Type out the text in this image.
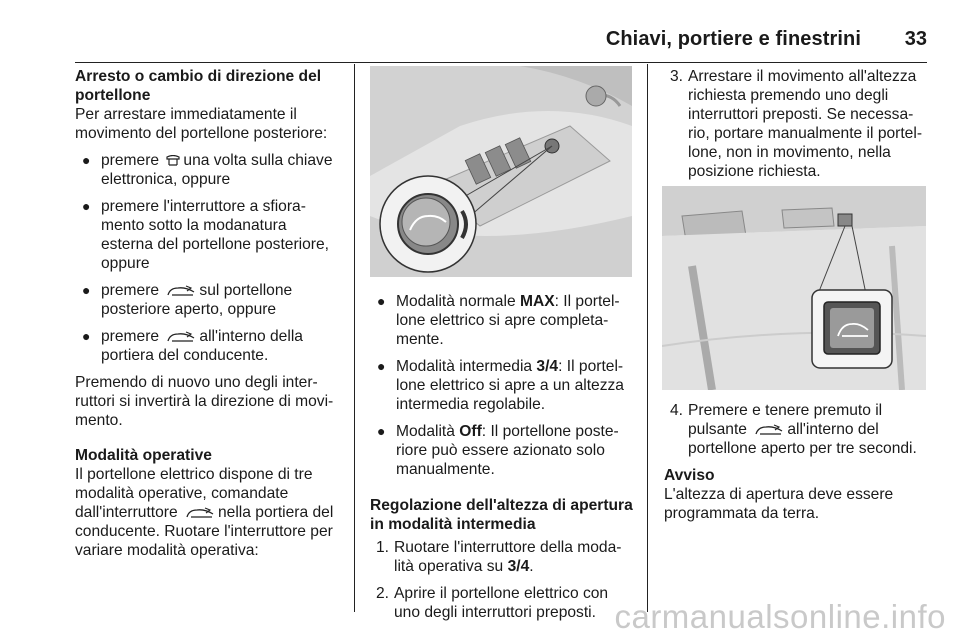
Chiavi, portiere e finestrini 33

Arresto o cambio di direzione del
portellone

Per arrestare immediatamente il
movimento del portellone posteriore:

● premere una volta sulla chiave
elettronica, oppure
● premere l'interruttore a sfiora-
mento sotto la modanatura
esterna del portellone posteriore,
oppure
● premere	sul portellone
posteriore aperto, oppure
● premere	all'interno della
portiera del conducente.

Premendo di nuovo uno degli inter-
ruttori si invertirà la direzione di movi-
mento.

Modalità operative

Il portellone elettrico dispone di tre
modalità operative, comandate
dall'interruttore	nella portiera del
conducente. Ruotare l'interruttore per
variare modalità operativa:

● Modalità normale MAX: Il portel-
lone elettrico si apre completa-
mente.
● Modalità intermedia 3/4: Il portel-
lone elettrico si apre a un altezza
intermedia regolabile.
● Modalità Off: Il portellone poste-
riore può essere azionato solo
manualmente.

Regolazione dell'altezza di apertura
in modalità intermedia

1. Ruotare l'interruttore della moda-
lità operativa su 3/4.
2. Aprire il portellone elettrico con
uno degli interruttori preposti.
3. Arrestare il movimento all'altezza
richiesta premendo uno degli
interruttori preposti. Se necessa-
rio, portare manualmente il portel-
lone, non in movimento, nella
posizione richiesta.
4. Premere e tenere premuto il
pulsante	all'interno del
portellone aperto per tre secondi.

Avviso

L'altezza di apertura deve essere
programmata da terra.

carmanualsonline.info
